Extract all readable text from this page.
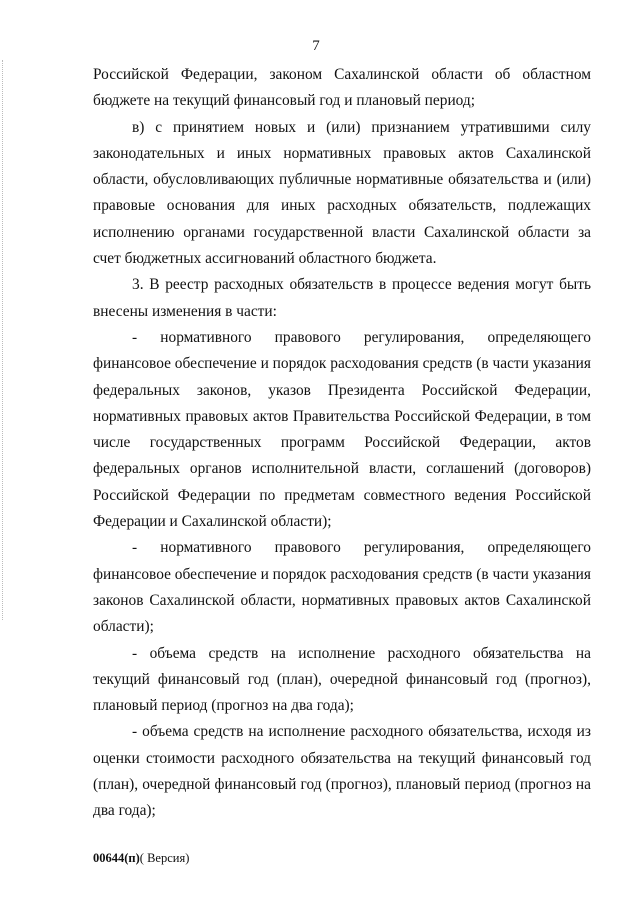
7

Российской Федерации, законом Сахалинской области об областном бюджете на текущий финансовый год и плановый период;

в) с принятием новых и (или) признанием утратившими силу законодательных и иных нормативных правовых актов Сахалинской области, обусловливающих публичные нормативные обязательства и (или) правовые основания для иных расходных обязательств, подлежащих исполнению органами государственной власти Сахалинской области за счет бюджетных ассигнований областного бюджета.

3. В реестр расходных обязательств в процессе ведения могут быть внесены изменения в части:

- нормативного правового регулирования, определяющего финансовое обеспечение и порядок расходования средств (в части указания федеральных законов, указов Президента Российской Федерации, нормативных правовых актов Правительства Российской Федерации, в том числе государственных программ Российской Федерации, актов федеральных органов исполнительной власти, соглашений (договоров) Российской Федерации по предметам совместного ведения Российской Федерации и Сахалинской области);

- нормативного правового регулирования, определяющего финансовое обеспечение и порядок расходования средств (в части указания законов Сахалинской области, нормативных правовых актов Сахалинской области);

- объема средств на исполнение расходного обязательства на текущий финансовый год (план), очередной финансовый год (прогноз), плановый период (прогноз на два года);

- объема средств на исполнение расходного обязательства, исходя из оценки стоимости расходного обязательства на текущий финансовый год (план), очередной финансовый год (прогноз), плановый период (прогноз на два года);

00644(п)( Версия)
